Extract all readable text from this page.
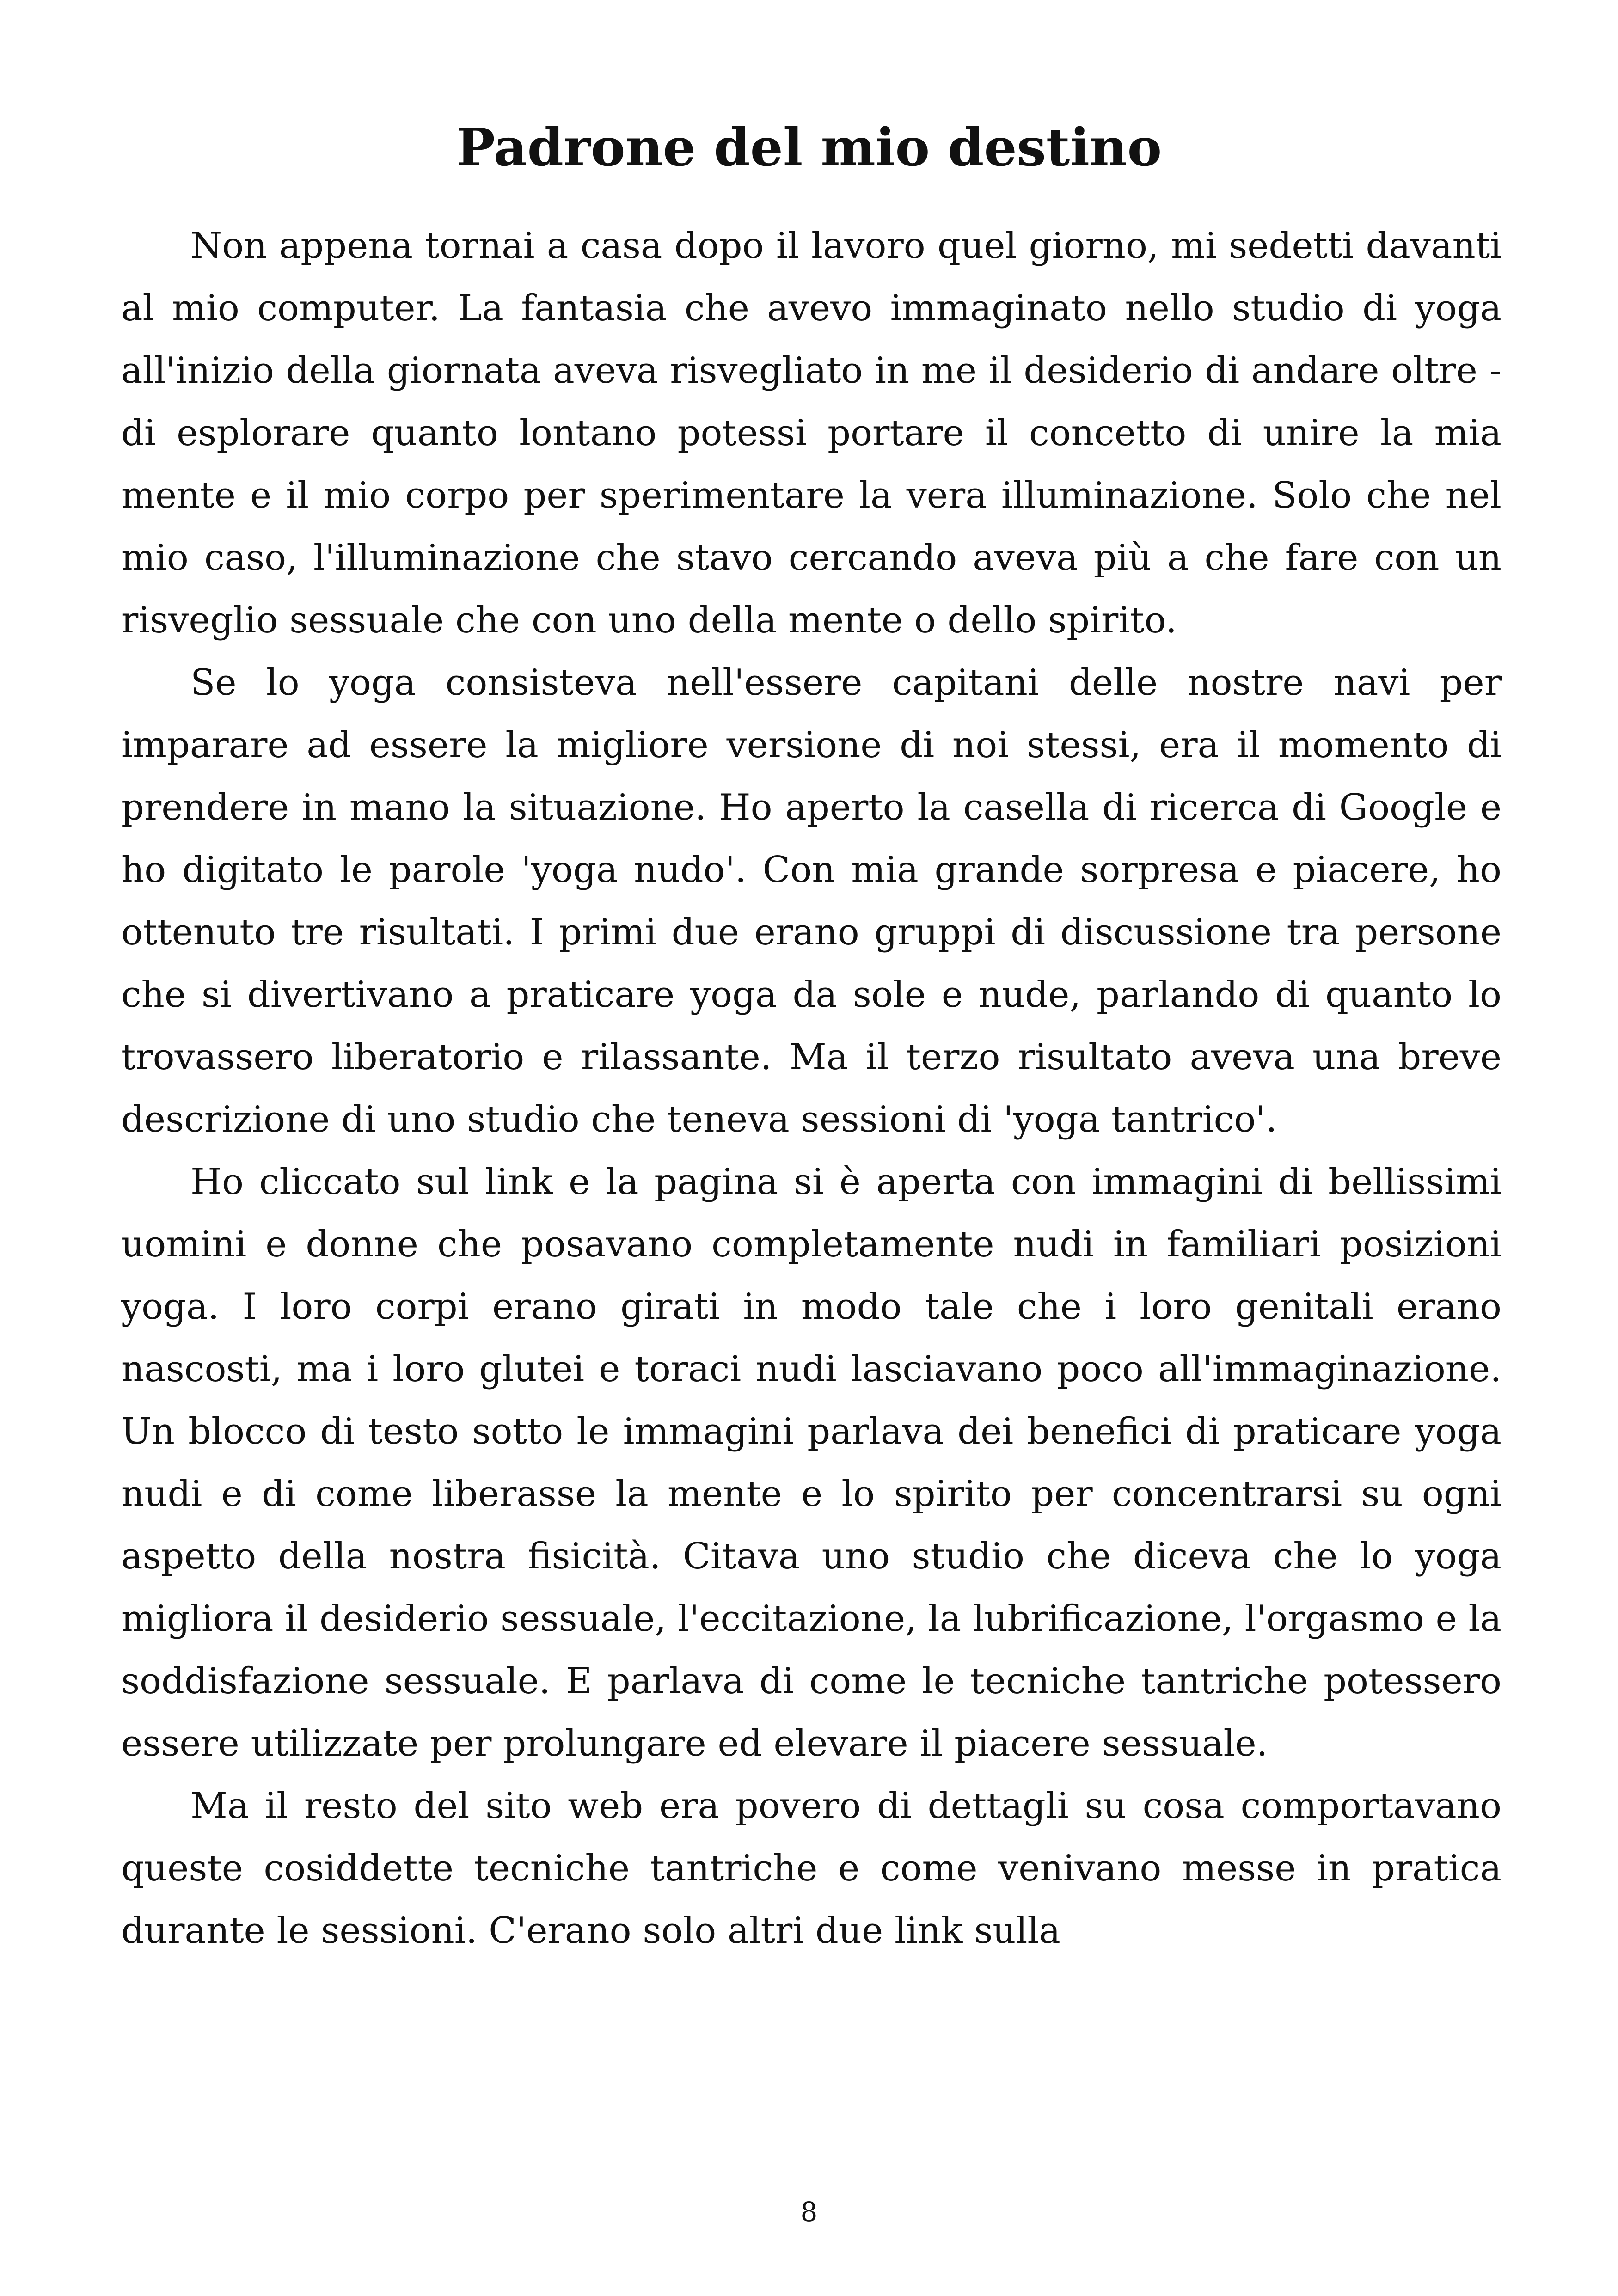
Padrone del mio destino

Non appena tornai a casa dopo il lavoro quel giorno, mi sedetti davanti al mio computer. La fantasia che avevo immaginato nello studio di yoga all'inizio della giornata aveva risvegliato in me il desiderio di andare oltre - di esplorare quanto lontano potessi portare il concetto di unire la mia mente e il mio corpo per sperimentare la vera illuminazione. Solo che nel mio caso, l'illuminazione che stavo cercando aveva più a che fare con un risveglio sessuale che con uno della mente o dello spirito.

Se lo yoga consisteva nell'essere capitani delle nostre navi per imparare ad essere la migliore versione di noi stessi, era il momento di prendere in mano la situazione. Ho aperto la casella di ricerca di Google e ho digitato le parole 'yoga nudo'. Con mia grande sorpresa e piacere, ho ottenuto tre risultati. I primi due erano gruppi di discussione tra persone che si divertivano a praticare yoga da sole e nude, parlando di quanto lo trovassero liberatorio e rilassante. Ma il terzo risultato aveva una breve descrizione di uno studio che teneva sessioni di 'yoga tantrico'.

Ho cliccato sul link e la pagina si è aperta con immagini di bellissimi uomini e donne che posavano completamente nudi in familiari posizioni yoga. I loro corpi erano girati in modo tale che i loro genitali erano nascosti, ma i loro glutei e toraci nudi lasciavano poco all'immaginazione. Un blocco di testo sotto le immagini parlava dei benefici di praticare yoga nudi e di come liberasse la mente e lo spirito per concentrarsi su ogni aspetto della nostra fisicità. Citava uno studio che diceva che lo yoga migliora il desiderio sessuale, l'eccitazione, la lubrificazione, l'orgasmo e la soddisfazione sessuale. E parlava di come le tecniche tantriche potessero essere utilizzate per prolungare ed elevare il piacere sessuale.

Ma il resto del sito web era povero di dettagli su cosa comportavano queste cosiddette tecniche tantriche e come venivano messe in pratica durante le sessioni. C'erano solo altri due link sulla

8
